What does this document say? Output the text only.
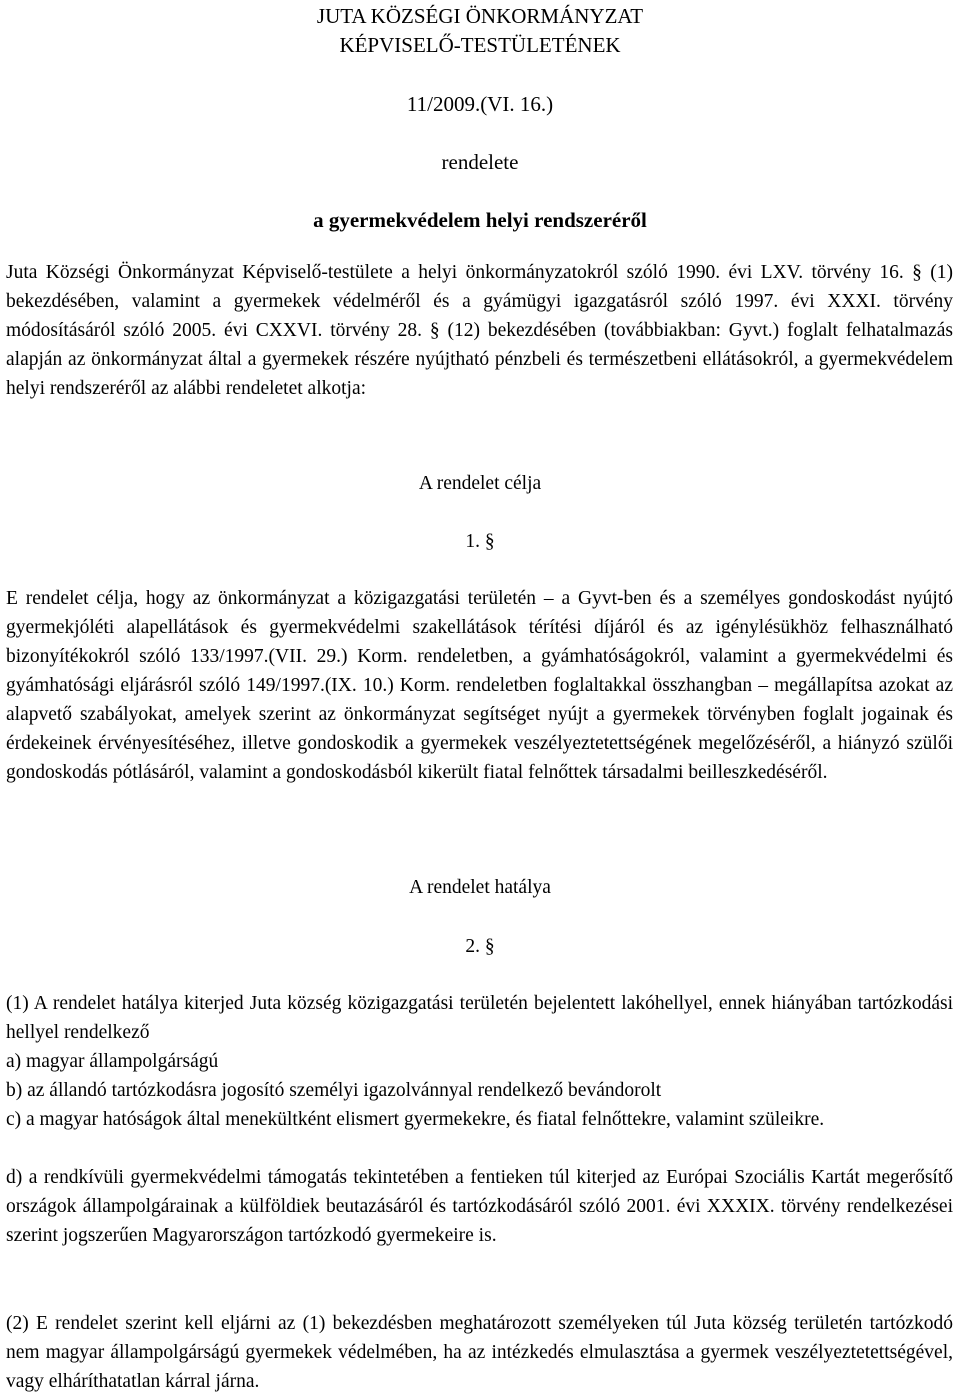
JUTA KÖZSÉGI ÖNKORMÁNYZAT
KÉPVISELŐ-TESTÜLETÉNEK
11/2009.(VI. 16.)
rendelete
a gyermekvédelem helyi rendszeréről

Juta Községi Önkormányzat Képviselő-testülete a helyi önkormányzatokról szóló 1990. évi LXV. törvény 16. § (1) bekezdésében, valamint a gyermekek védelméről és a gyámügyi igazgatásról szóló 1997. évi XXXI. törvény módosításáról szóló 2005. évi CXXVI. törvény 28. § (12) bekezdésében (továbbiakban: Gyvt.) foglalt felhatalmazás alapján az önkormányzat által a gyermekek részére nyújtható pénzbeli és természetbeni ellátásokról, a gyermekvédelem helyi rendszeréről az alábbi rendeletet alkotja:

A rendelet célja
1. §

E rendelet célja, hogy az önkormányzat a közigazgatási területén – a Gyvt-ben és a személyes gondoskodást nyújtó gyermekjóléti alapellátások és gyermekvédelmi szakellátások térítési díjáról és az igénylésükhöz felhasználható bizonyítékokról szóló 133/1997.(VII. 29.) Korm. rendeletben, a gyámhatóságokról, valamint a gyermekvédelmi és gyámhatósági eljárásról szóló 149/1997.(IX. 10.) Korm. rendeletben foglaltakkal összhangban – megállapítsa azokat az alapvető szabályokat, amelyek szerint az önkormányzat segítséget nyújt a gyermekek törvényben foglalt jogainak és érdekeinek érvényesítéséhez, illetve gondoskodik a gyermekek veszélyeztetettségének megelőzéséről, a hiányzó szülői gondoskodás pótlásáról, valamint a gondoskodásból kikerült fiatal felnőttek társadalmi beilleszkedéséről.

A rendelet hatálya
2. §

(1) A rendelet hatálya kiterjed Juta község közigazgatási területén bejelentett lakóhellyel, ennek hiányában tartózkodási hellyel rendelkező

a) magyar állampolgárságú

b) az állandó tartózkodásra jogosító személyi igazolvánnyal rendelkező bevándorolt

c) a magyar hatóságok által menekültként elismert gyermekekre, és fiatal felnőttekre, valamint szüleikre.

d) a rendkívüli gyermekvédelmi támogatás tekintetében a fentieken túl kiterjed az Európai Szociális Kartát megerősítő országok állampolgárainak a külföldiek beutazásáról és tartózkodásáról szóló 2001. évi XXXIX. törvény rendelkezései szerint jogszerűen Magyarországon tartózkodó gyermekeire is.

(2) E rendelet szerint kell eljárni az (1) bekezdésben meghatározott személyeken túl Juta község területén tartózkodó nem magyar állampolgárságú gyermekek védelmében, ha az intézkedés elmulasztása a gyermek veszélyeztetettségével, vagy elháríthatatlan kárral járna.
